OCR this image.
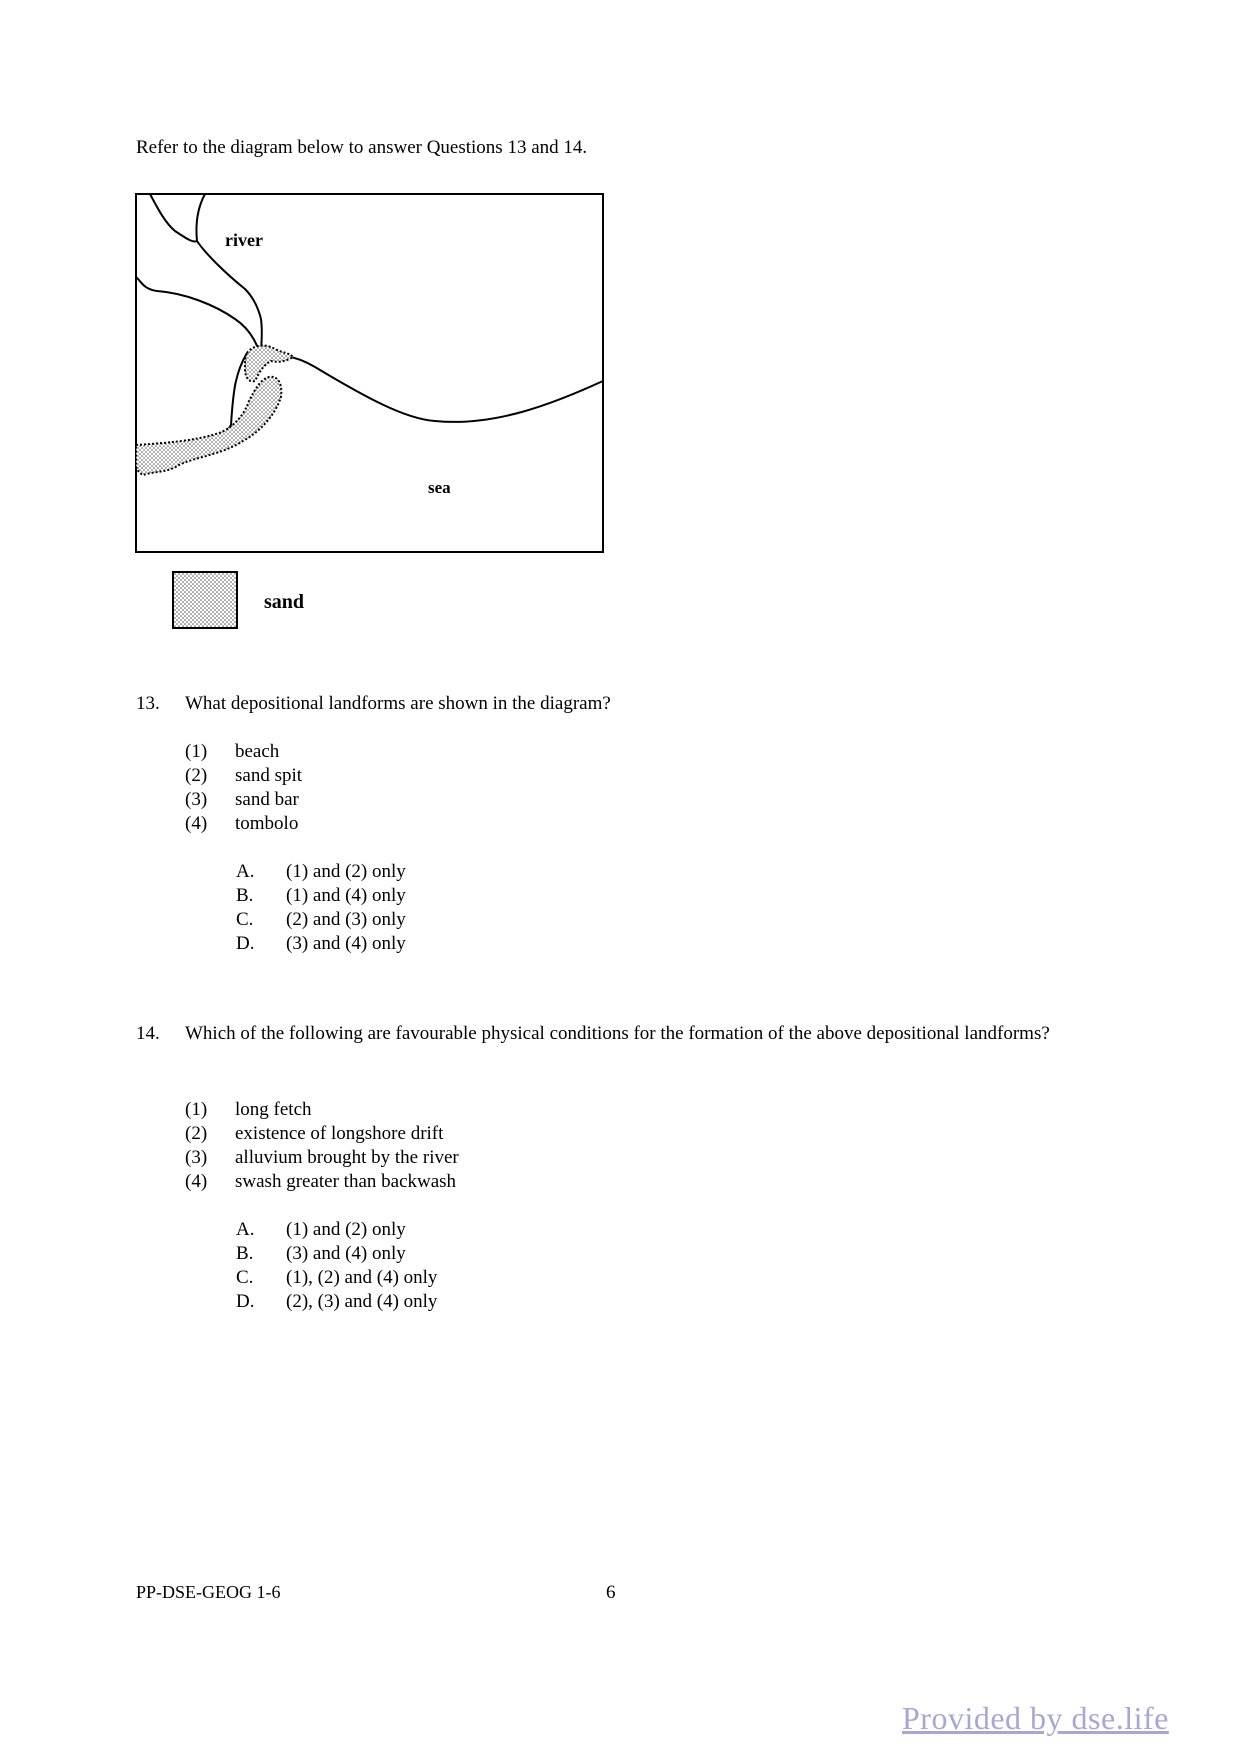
Refer to the diagram below to answer Questions 13 and 14.
river
sea
sand
13. What depositional landforms are shown in the diagram?
(1) beach
(2) sand spit
(3) sand bar
(4) tombolo
A. (1) and (2) only
B. (1) and (4) only
C. (2) and (3) only
D. (3) and (4) only
14. Which of the following are favourable physical conditions for the formation of the above depositional landforms?
(1) long fetch
(2) existence of longshore drift
(3) alluvium brought by the river
(4) swash greater than backwash
A. (1) and (2) only
B. (3) and (4) only
C. (1), (2) and (4) only
D. (2), (3) and (4) only
PP-DSE-GEOG 1-6	6
Provided by dse.life
